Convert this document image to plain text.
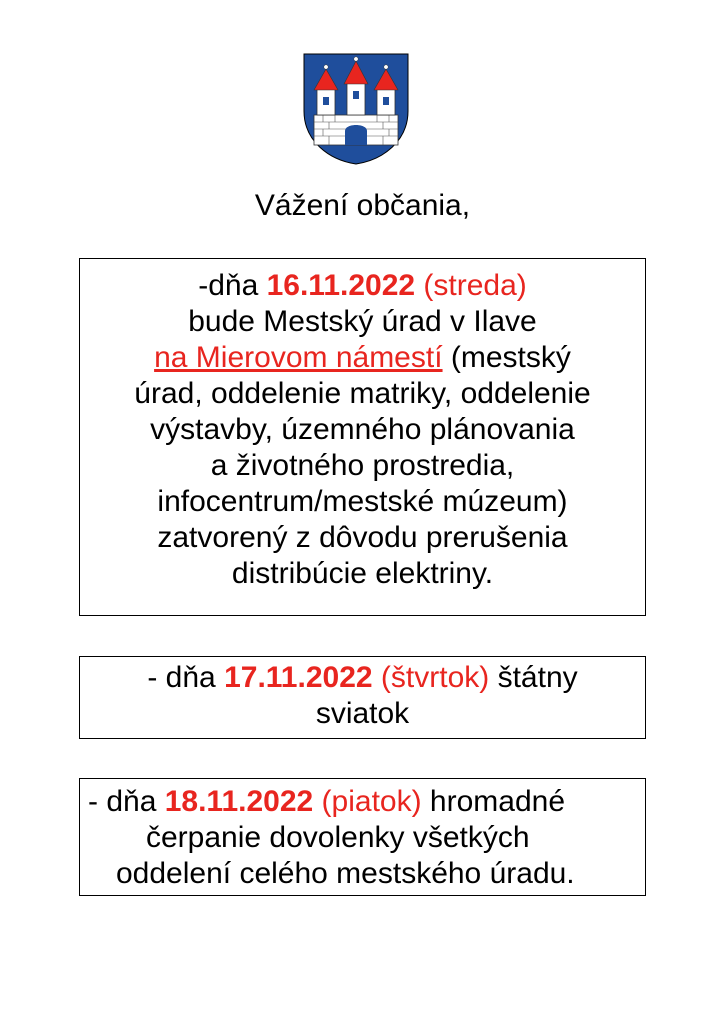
Vážení občania,
-dňa 16.11.2022 (streda)
bude Mestský úrad v Ilave
na Mierovom námestí (mestský
úrad, oddelenie matriky, oddelenie
výstavby, územného plánovania
a životného prostredia,
infocentrum/mestské múzeum)
zatvorený z dôvodu prerušenia
distribúcie elektriny.
- dňa 17.11.2022 (štvrtok) štátny
sviatok
- dňa 18.11.2022 (piatok) hromadné
čerpanie dovolenky všetkých
oddelení celého mestského úradu.
